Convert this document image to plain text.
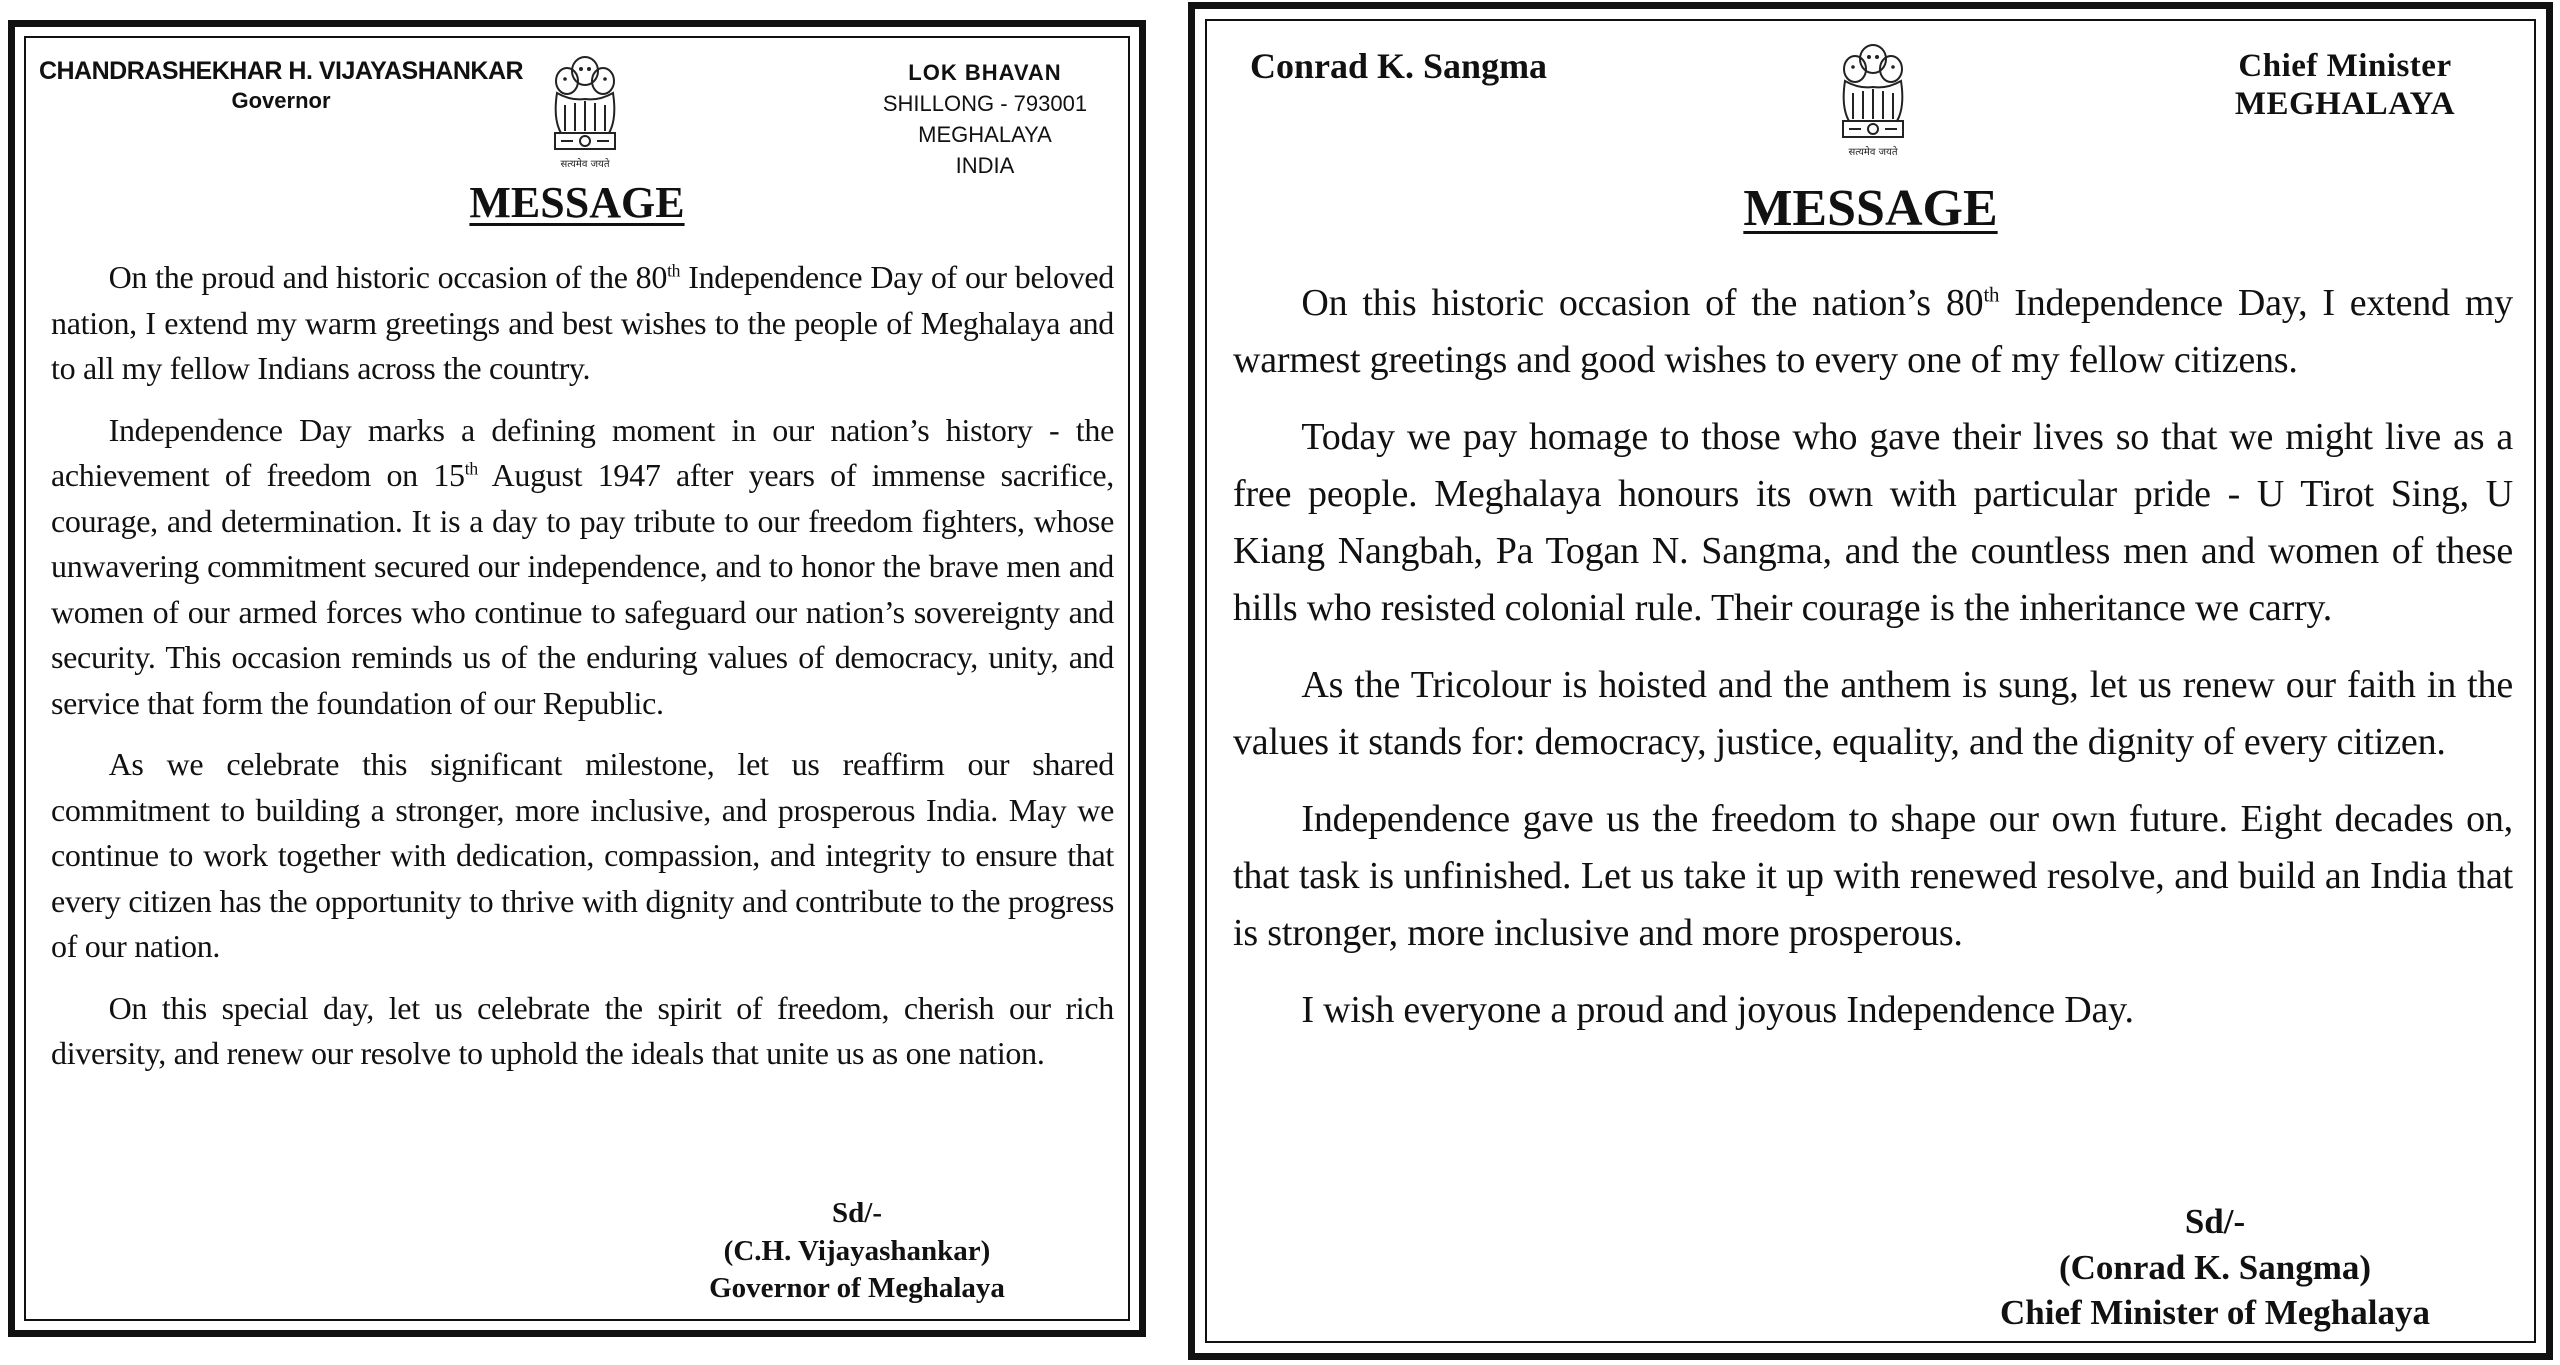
CHANDRASHEKHAR H. VIJAYASHANKAR
Governor
सत्यमेव जयते
LOK BHAVAN
SHILLONG - 793001
MEGHALAYA
INDIA
MESSAGE

On the proud and historic occasion of the 80th Independence Day of our beloved nation, I extend my warm greetings and best wishes to the people of Meghalaya and to all my fellow Indians across the country.

Independence Day marks a defining moment in our nation’s history - the achievement of freedom on 15th August 1947 after years of immense sacrifice, courage, and determination. It is a day to pay tribute to our freedom fighters, whose unwavering commitment secured our independence, and to honor the brave men and women of our armed forces who continue to safeguard our nation’s sovereignty and security. This occasion reminds us of the enduring values of democracy, unity, and service that form the foundation of our Republic.

As we celebrate this significant milestone, let us reaffirm our shared commitment to building a stronger, more inclusive, and prosperous India. May we continue to work together with dedication, compassion, and integrity to ensure that every citizen has the opportunity to thrive with dignity and contribute to the progress of our nation.

On this special day, let us celebrate the spirit of freedom, cherish our rich diversity, and renew our resolve to uphold the ideals that unite us as one nation.

Sd/-
(C.H. Vijayashankar)
Governor of Meghalaya
Conrad K. Sangma
सत्यमेव जयते
Chief Minister
MEGHALAYA
MESSAGE

On this historic occasion of the nation’s 80th Independence Day, I extend my warmest greetings and good wishes to every one of my fellow citizens.

Today we pay homage to those who gave their lives so that we might live as a free people. Meghalaya honours its own with particular pride - U Tirot Sing, U Kiang Nangbah, Pa Togan N. Sangma, and the countless men and women of these hills who resisted colonial rule. Their courage is the inheritance we carry.

As the Tricolour is hoisted and the anthem is sung, let us renew our faith in the values it stands for: democracy, justice, equality, and the dignity of every citizen.

Independence gave us the freedom to shape our own future. Eight decades on, that task is unfinished. Let us take it up with renewed resolve, and build an India that is stronger, more inclusive and more prosperous.

I wish everyone a proud and joyous Independence Day.

Sd/-
(Conrad K. Sangma)
Chief Minister of Meghalaya
